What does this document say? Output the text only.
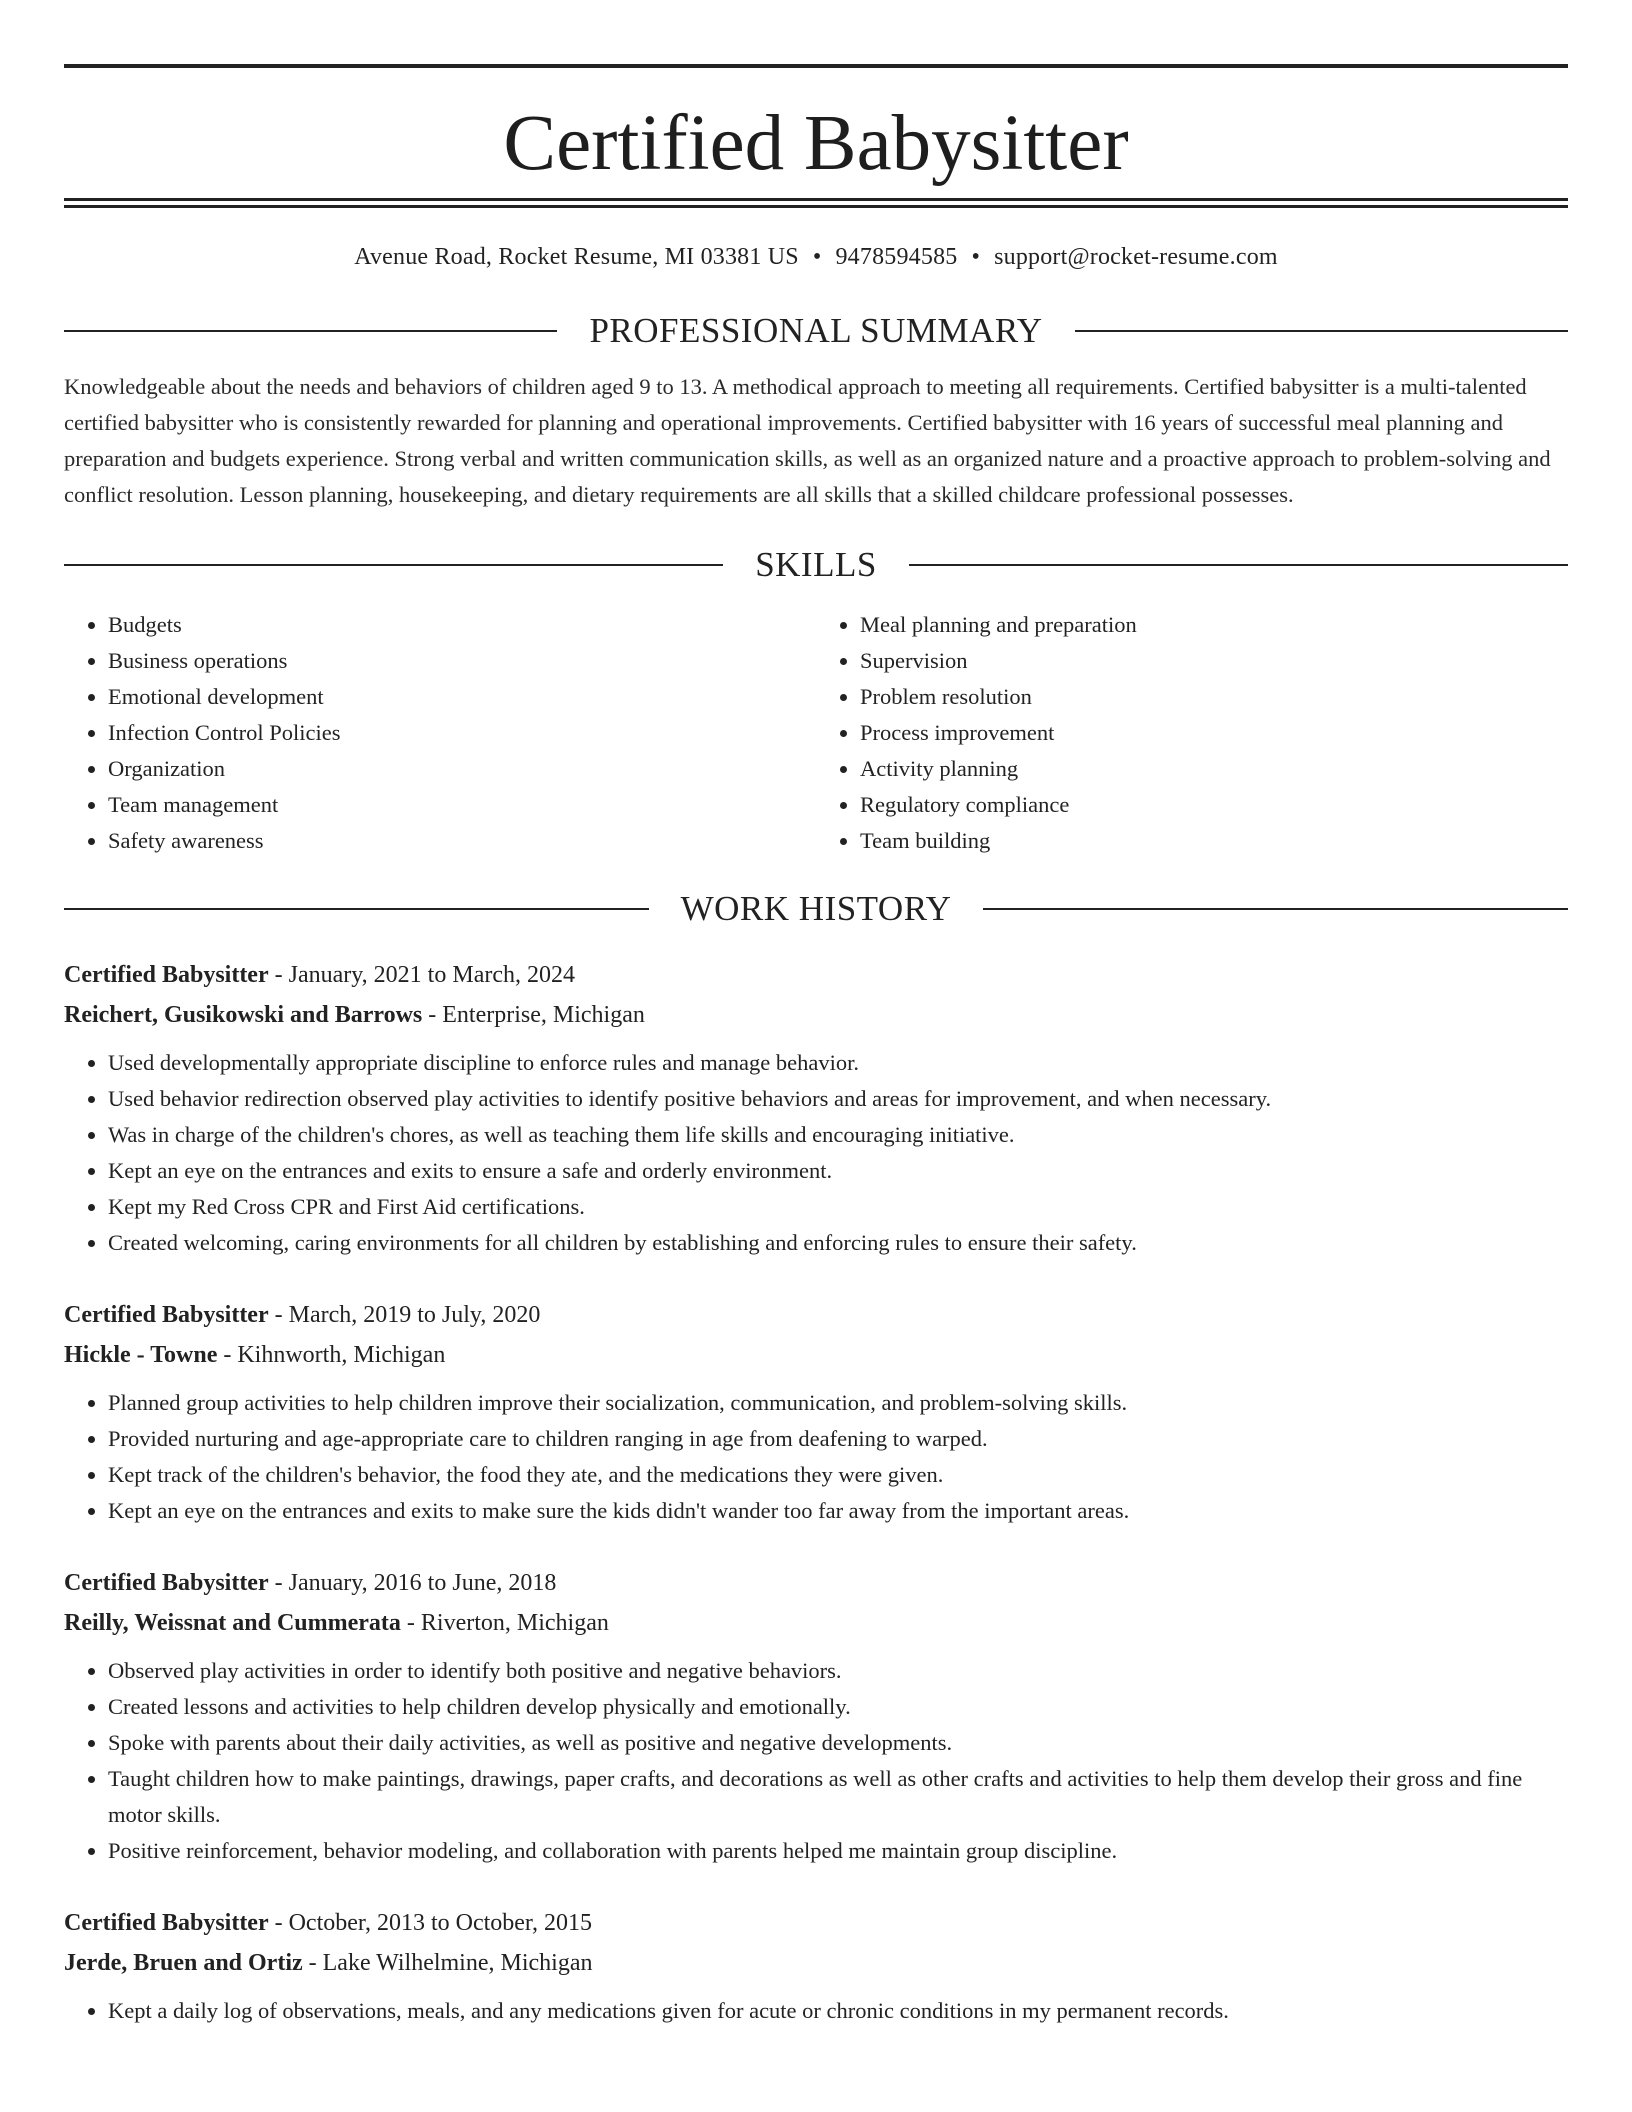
Certified Babysitter
Avenue Road, Rocket Resume, MI 03381 US • 9478594585 • support@rocket-resume.com
PROFESSIONAL SUMMARY
Knowledgeable about the needs and behaviors of children aged 9 to 13. A methodical approach to meeting all requirements. Certified babysitter is a multi-talented certified babysitter who is consistently rewarded for planning and operational improvements. Certified babysitter with 16 years of successful meal planning and preparation and budgets experience. Strong verbal and written communication skills, as well as an organized nature and a proactive approach to problem-solving and conflict resolution. Lesson planning, housekeeping, and dietary requirements are all skills that a skilled childcare professional possesses.
SKILLS
• Budgets
• Business operations
• Emotional development
• Infection Control Policies
• Organization
• Team management
• Safety awareness
• Meal planning and preparation
• Supervision
• Problem resolution
• Process improvement
• Activity planning
• Regulatory compliance
• Team building
WORK HISTORY
Certified Babysitter - January, 2021 to March, 2024
Reichert, Gusikowski and Barrows - Enterprise, Michigan
• Used developmentally appropriate discipline to enforce rules and manage behavior.
• Used behavior redirection observed play activities to identify positive behaviors and areas for improvement, and when necessary.
• Was in charge of the children's chores, as well as teaching them life skills and encouraging initiative.
• Kept an eye on the entrances and exits to ensure a safe and orderly environment.
• Kept my Red Cross CPR and First Aid certifications.
• Created welcoming, caring environments for all children by establishing and enforcing rules to ensure their safety.
Certified Babysitter - March, 2019 to July, 2020
Hickle - Towne - Kihnworth, Michigan
• Planned group activities to help children improve their socialization, communication, and problem-solving skills.
• Provided nurturing and age-appropriate care to children ranging in age from deafening to warped.
• Kept track of the children's behavior, the food they ate, and the medications they were given.
• Kept an eye on the entrances and exits to make sure the kids didn't wander too far away from the important areas.
Certified Babysitter - January, 2016 to June, 2018
Reilly, Weissnat and Cummerata - Riverton, Michigan
• Observed play activities in order to identify both positive and negative behaviors.
• Created lessons and activities to help children develop physically and emotionally.
• Spoke with parents about their daily activities, as well as positive and negative developments.
• Taught children how to make paintings, drawings, paper crafts, and decorations as well as other crafts and activities to help them develop their gross and fine motor skills.
• Positive reinforcement, behavior modeling, and collaboration with parents helped me maintain group discipline.
Certified Babysitter - October, 2013 to October, 2015
Jerde, Bruen and Ortiz - Lake Wilhelmine, Michigan
• Kept a daily log of observations, meals, and any medications given for acute or chronic conditions in my permanent records.
